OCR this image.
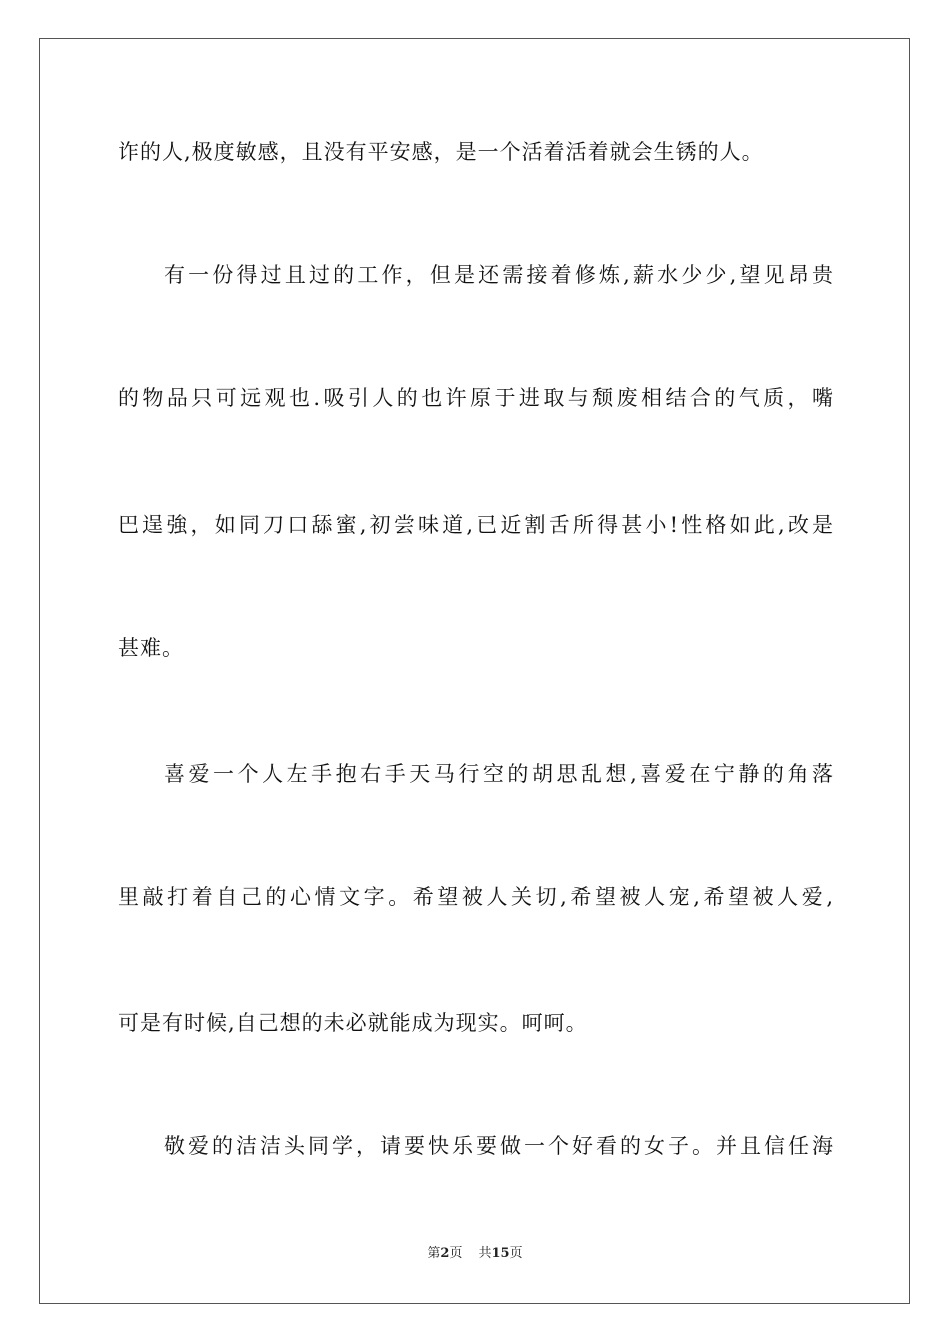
诈的人,极度敏感，且没有平安感，是一个活着活着就会生锈的人。
有一份得过且过的工作，但是还需接着修炼,薪水少少,望见昂贵
的物品只可远观也.吸引人的也许原于进取与颓废相结合的气质，嘴
巴逞強，如同刀口舔蜜,初尝味道,已近割舌所得甚小!性格如此,改是
甚难。
喜爱一个人左手抱右手天马行空的胡思乱想,喜爱在宁静的角落
里敲打着自己的心情文字。希望被人关切,希望被人宠,希望被人爱,
可是有时候,自己想的未必就能成为现实。呵呵。
敬爱的洁洁头同学，请要快乐要做一个好看的女子。并且信任海
第2页 共15页
